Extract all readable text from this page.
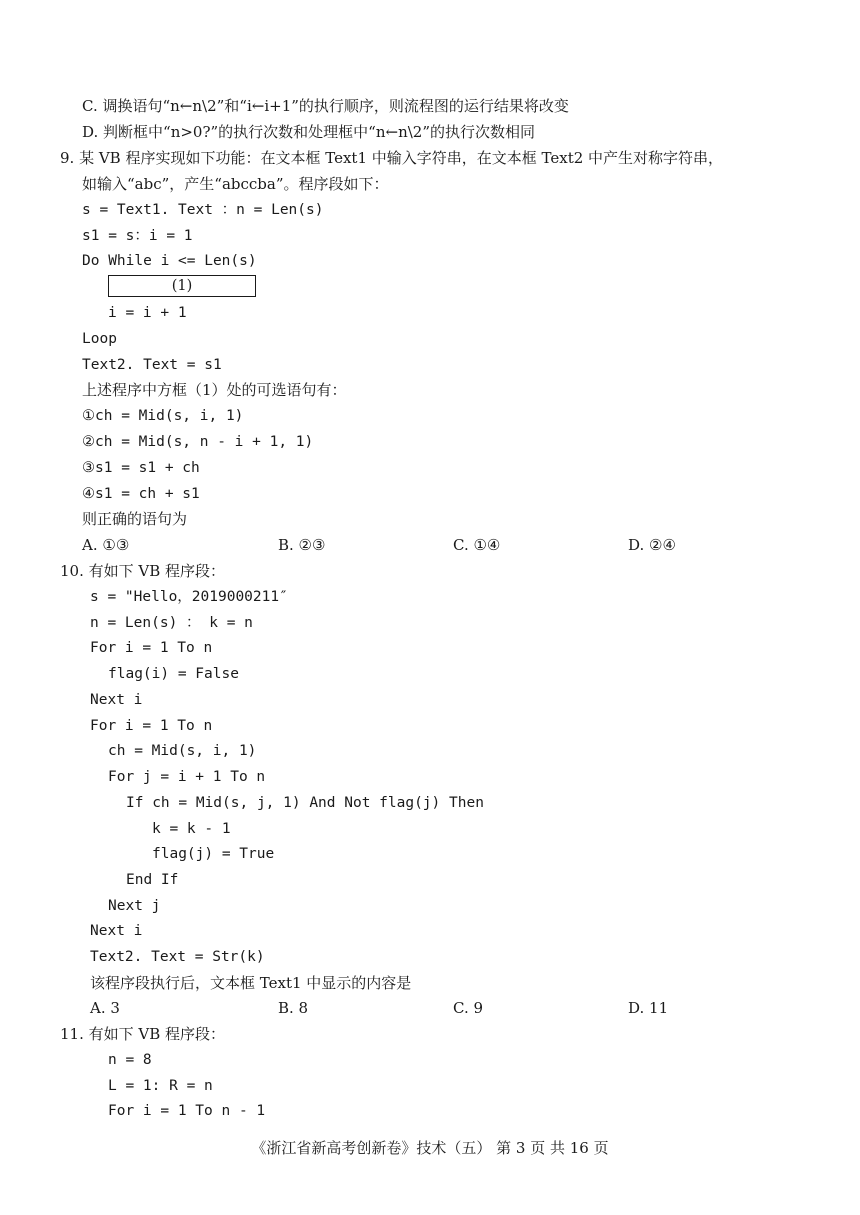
C. 调换语句“n←n\2”和“i←i+1”的执行顺序，则流程图的运行结果将改变
D. 判断框中“n>0?”的执行次数和处理框中“n←n\2”的执行次数相同
9. 某 VB 程序实现如下功能：在文本框 Text1 中输入字符串，在文本框 Text2 中产生对称字符串，
如输入“abc”，产生“abccba”。程序段如下：
s = Text1. Text ：n = Len(s)
s1 = s：i = 1
Do While i <= Len(s)
(1)
i = i + 1
Loop
Text2. Text = s1
上述程序中方框（1）处的可选语句有：
①ch = Mid(s, i, 1)
②ch = Mid(s, n - i + 1, 1)
③s1 = s1 + ch
④s1 = ch + s1
则正确的语句为
A. ①③	B. ②③	C. ①④	D. ②④
10. 有如下 VB 程序段：
s = "Hello，2019000211″
n = Len(s) ： k = n
For i = 1 To n
flag(i) = False
Next i
For i = 1 To n
ch = Mid(s, i, 1)
For j = i + 1 To n
If ch = Mid(s, j, 1) And Not flag(j) Then
k = k - 1
flag(j) = True
End If
Next j
Next i
Text2. Text = Str(k)
该程序段执行后，文本框 Text1 中显示的内容是
A. 3	B. 8	C. 9	D. 11
11. 有如下 VB 程序段：
n = 8
L = 1: R = n
For i = 1 To n - 1
《浙江省新高考创新卷》技术（五） 第 3 页 共 16 页
